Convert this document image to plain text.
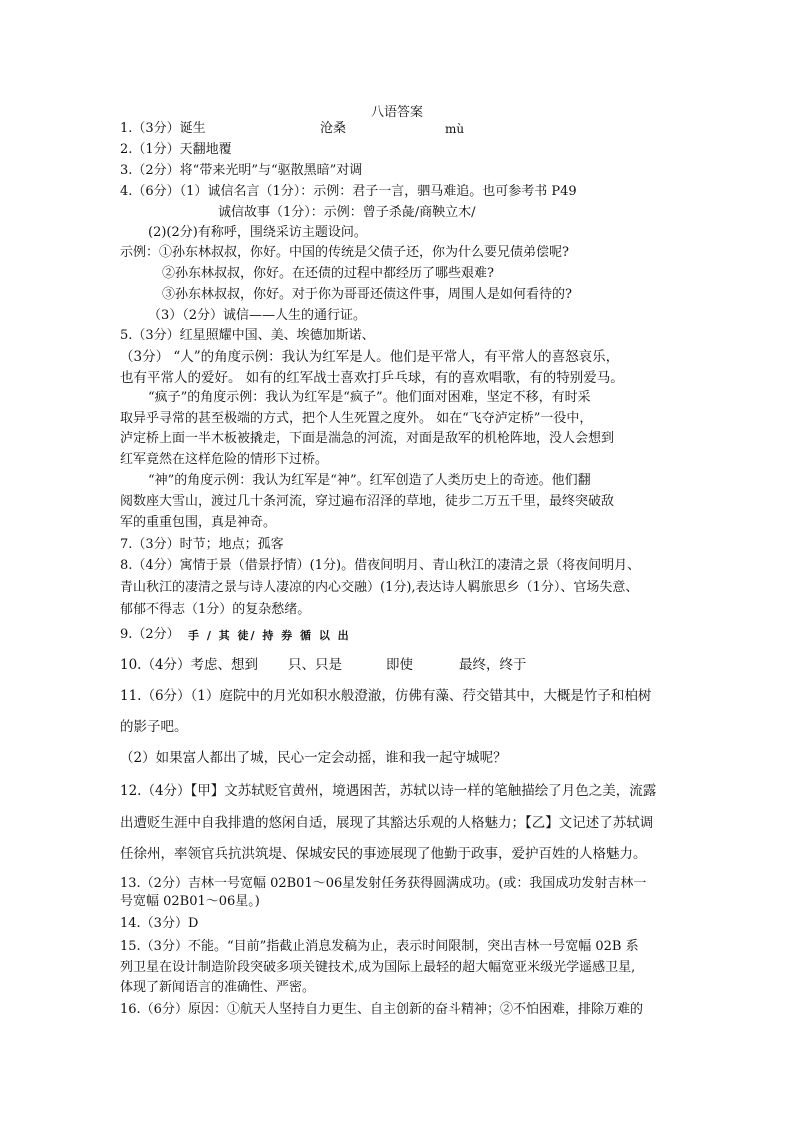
八语答案
1.（3分）诞生	沧桑	mù
2.（1分）天翻地覆
3.（2分）将“带来光明”与“驱散黑暗”对调
4.（6分）（1）诚信名言（1分）：示例：君子一言，驷马难追。也可参考书 P49
诚信故事（1分）：示例：曾子杀彘/商鞅立木/
(2)(2分)有称呼，围绕采访主题设问。
示例：①孙东林叔叔，你好。中国的传统是父债子还，你为什么要兄债弟偿呢?
②孙东林叔叔，你好。在还债的过程中都经历了哪些艰难?
③孙东林叔叔，你好。对于你为哥哥还债这件事，周围人是如何看待的?
（3）（2分）诚信——人生的通行证。
5.（3分）红星照耀中国、美、埃德加斯诺、
（3分） “人”的角度示例：我认为红军是人。他们是平常人，有平常人的喜怒哀乐，
也有平常人的爱好。 如有的红军战士喜欢打乒乓球，有的喜欢唱歌，有的特别爱马。
“疯子”的角度示例：我认为红军是“疯子”。他们面对困难，坚定不移，有时采
取异乎寻常的甚至极端的方式，把个人生死置之度外。 如在“飞夺泸定桥”一役中，
泸定桥上面一半木板被撬走，下面是湍急的河流，对面是敌军的机枪阵地，没人会想到
红军竟然在这样危险的情形下过桥。
“神”的角度示例：我认为红军是“神”。红军创造了人类历史上的奇迹。他们翻
阅数座大雪山，渡过几十条河流，穿过遍布沼泽的草地，徒步二万五千里，最终突破敌
军的重重包围，真是神奇。
7.（3分）时节；地点；孤客
8.（4分）寓情于景（借景抒情）(1分)。借夜间明月、青山秋江的凄清之景（将夜间明月、
青山秋江的凄清之景与诗人凄凉的内心交融）(1分),表达诗人羁旅思乡（1分）、官场失意、
郁郁不得志（1分）的复杂愁绪。
9.（2分） 手 / 其 徒/ 持 券 循 以 出
10.（4分）考虑、想到 只、只是	即使	最终，终于
11.（6分）（1）庭院中的月光如积水般澄澈，仿佛有藻、荇交错其中，大概是竹子和柏树
的影子吧。
（2）如果富人都出了城，民心一定会动摇，谁和我一起守城呢？
12.（4分）【甲】文苏轼贬官黄州，境遇困苦，苏轼以诗一样的笔触描绘了月色之美，流露
出遭贬生涯中自我排遣的悠闲自适，展现了其豁达乐观的人格魅力；【乙】文记述了苏轼调
任徐州，率领官兵抗洪筑堤、保城安民的事迹展现了他勤于政事，爱护百姓的人格魅力。
13.（2分）吉林一号宽幅 02B01～06星发射任务获得圆满成功。(或：我国成功发射吉林一
号宽幅 02B01～06星。)
14.（3分）D
15.（3分）不能。“目前”指截止消息发稿为止，表示时间限制，突出吉林一号宽幅 02B 系
列卫星在设计制造阶段突破多项关键技术,成为国际上最轻的超大幅宽亚米级光学遥感卫星,
体现了新闻语言的准确性、严密。
16.（6分）原因：①航天人坚持自力更生、自主创新的奋斗精神；②不怕困难，排除万难的
